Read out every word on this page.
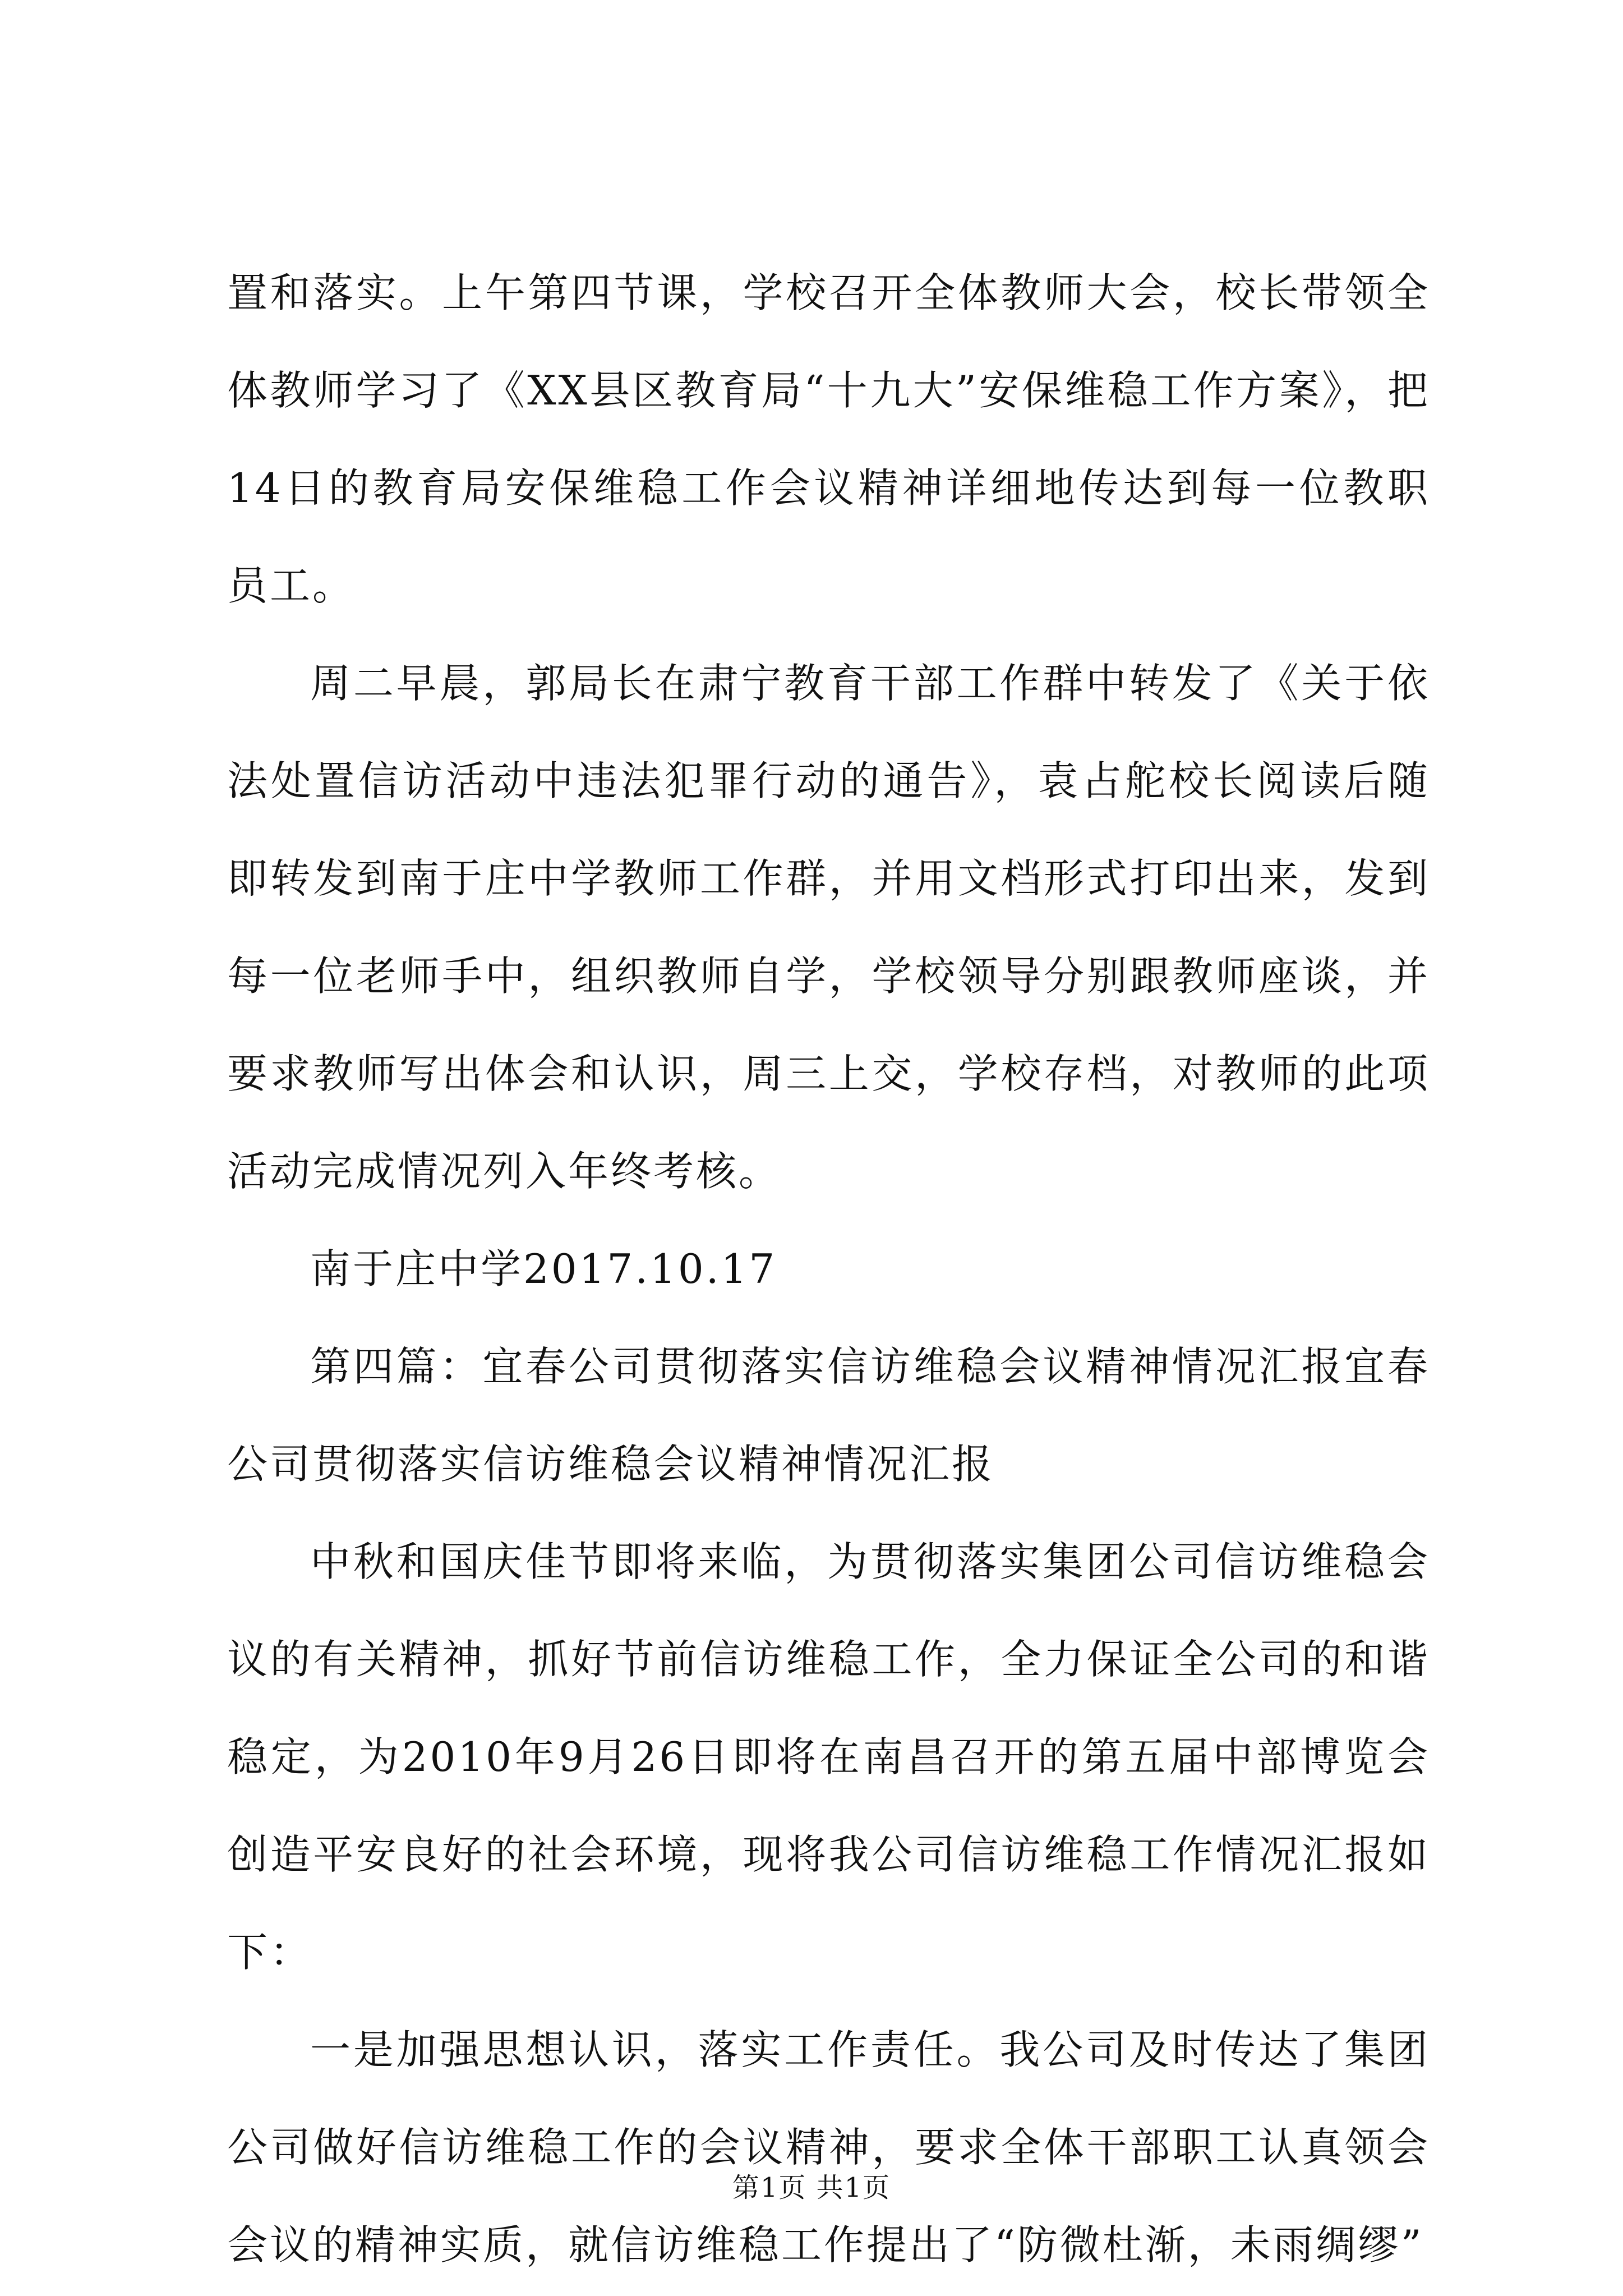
置和落实。上午第四节课，学校召开全体教师大会，校长带领全体教师学习了《XX县区教育局“十九大”安保维稳工作方案》，把14日的教育局安保维稳工作会议精神详细地传达到每一位教职员工。

周二早晨，郭局长在肃宁教育干部工作群中转发了《关于依法处置信访活动中违法犯罪行动的通告》，袁占舵校长阅读后随即转发到南于庄中学教师工作群，并用文档形式打印出来，发到每一位老师手中，组织教师自学，学校领导分别跟教师座谈，并要求教师写出体会和认识，周三上交，学校存档，对教师的此项活动完成情况列入年终考核。

南于庄中学2017.10.17

第四篇：宜春公司贯彻落实信访维稳会议精神情况汇报宜春公司贯彻落实信访维稳会议精神情况汇报

中秋和国庆佳节即将来临，为贯彻落实集团公司信访维稳会议的有关精神，抓好节前信访维稳工作，全力保证全公司的和谐稳定，为2010年9月26日即将在南昌召开的第五届中部博览会创造平安良好的社会环境，现将我公司信访维稳工作情况汇报如下：

一是加强思想认识，落实工作责任。我公司及时传达了集团公司做好信访维稳工作的会议精神，要求全体干部职工认真领会会议的精神实质，就信访维稳工作提出了“防微杜渐，未雨绸缪”

第1页 共1页
